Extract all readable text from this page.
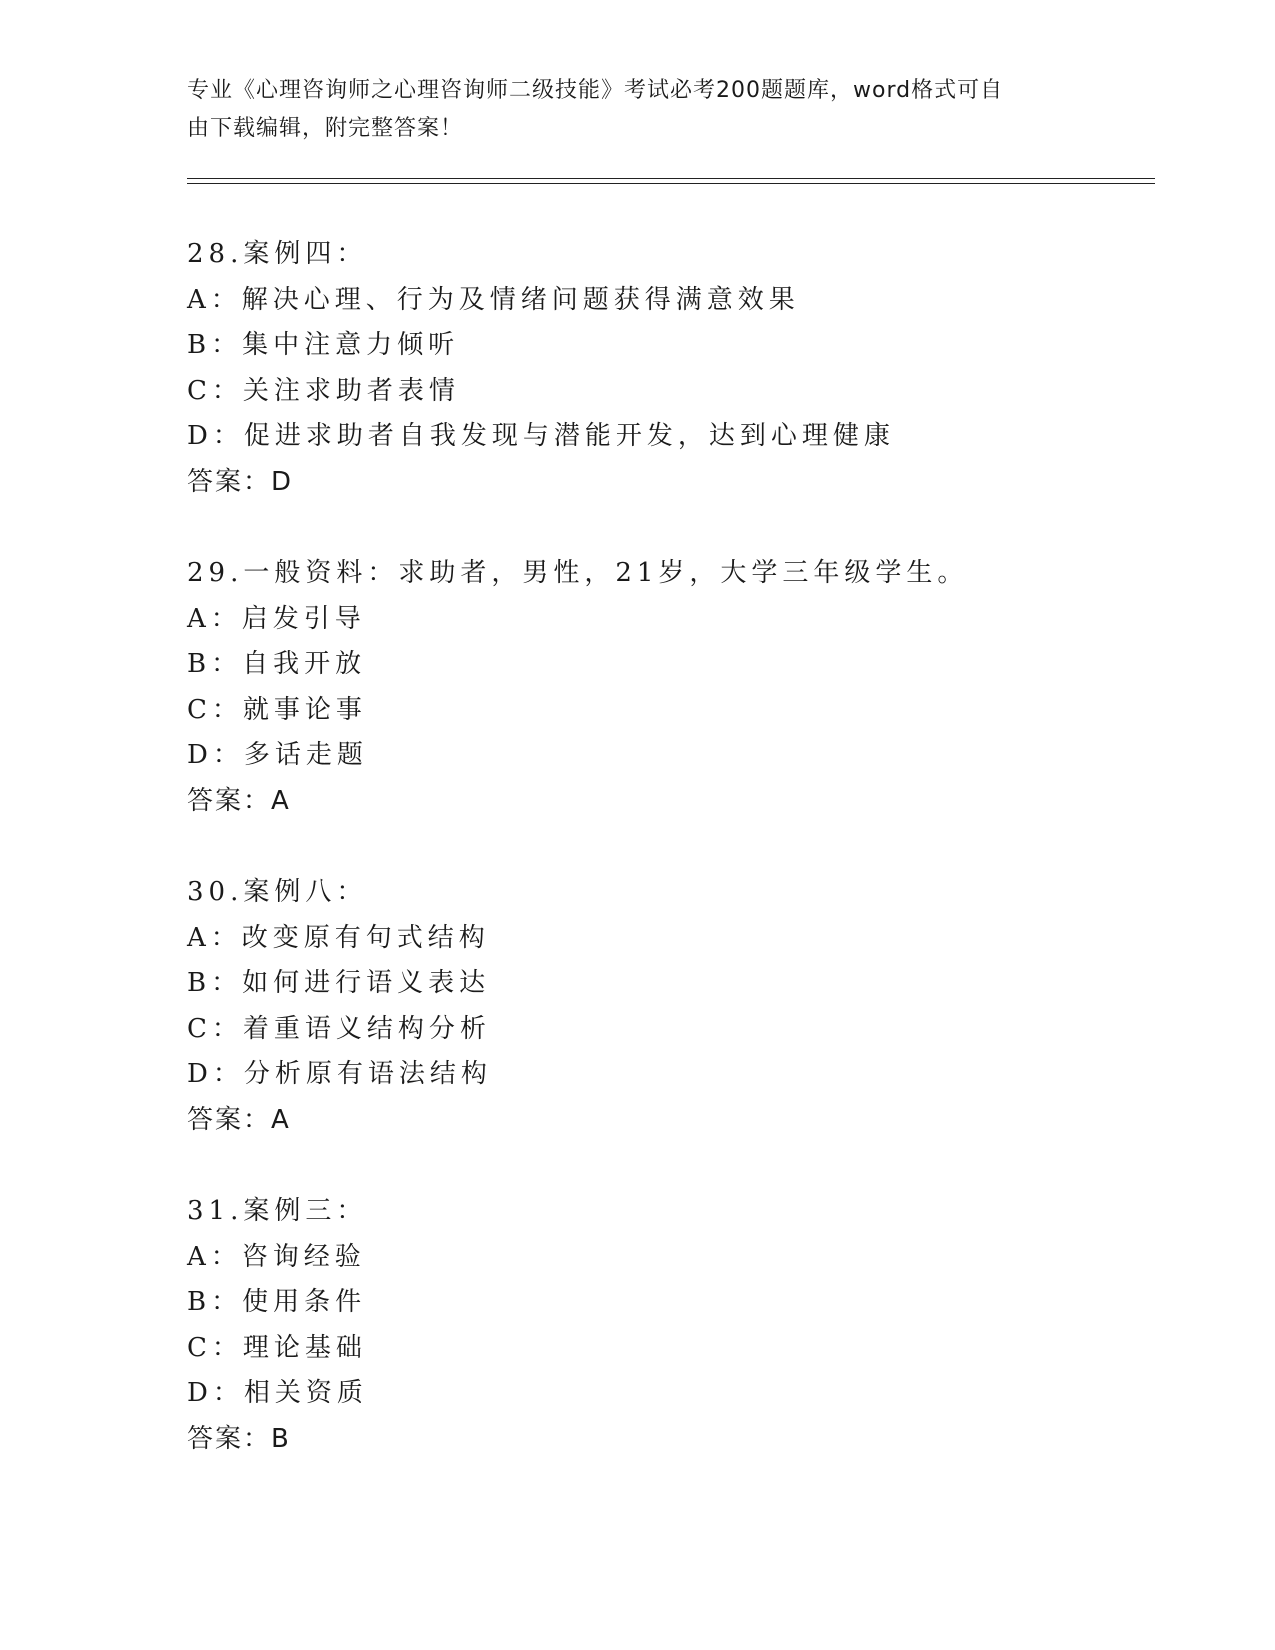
专业《心理咨询师之心理咨询师二级技能》考试必考200题题库，word格式可自
由下载编辑，附完整答案！
28.案例四：
A：解决心理、行为及情绪问题获得满意效果
B：集中注意力倾听
C：关注求助者表情
D：促进求助者自我发现与潜能开发，达到心理健康
答案：D
29.一般资料：求助者，男性，21岁，大学三年级学生。
A：启发引导
B：自我开放
C：就事论事
D：多话走题
答案：A
30.案例八：
A：改变原有句式结构
B：如何进行语义表达
C：着重语义结构分析
D：分析原有语法结构
答案：A
31.案例三：
A：咨询经验
B：使用条件
C：理论基础
D：相关资质
答案：B
